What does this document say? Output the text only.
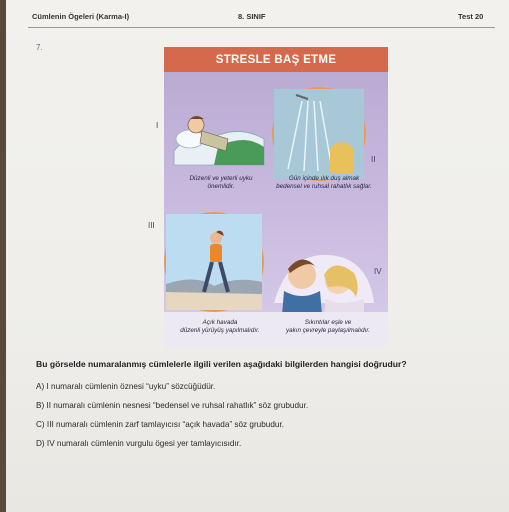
Cümlenin Ögeleri (Karma-I)	8. SINIF	Test 20
7.
STRESLE BAŞ ETME
I
II
Düzenli ve yeterli uyku
önemlidir.
Gün içinde ılık duş almak
bedensel ve ruhsal rahatlık sağlar.
III
IV
Açık havada
düzenli yürüyüş yapılmalıdır.
Sıkıntılar eşle ve
yakın çevreyle paylaşılmalıdır.
Bu görselde numaralanmış cümlelerle ilgili verilen aşağıdaki bilgilerden hangisi doğrudur?
A) I numaralı cümlenin öznesi “uyku” sözcüğüdür.
B) II numaralı cümlenin nesnesi “bedensel ve ruhsal rahatlık” söz grubudur.
C) III numaralı cümlenin zarf tamlayıcısı “açık havada” söz grubudur.
D) IV numaralı cümlenin vurgulu ögesi yer tamlayıcısıdır.
